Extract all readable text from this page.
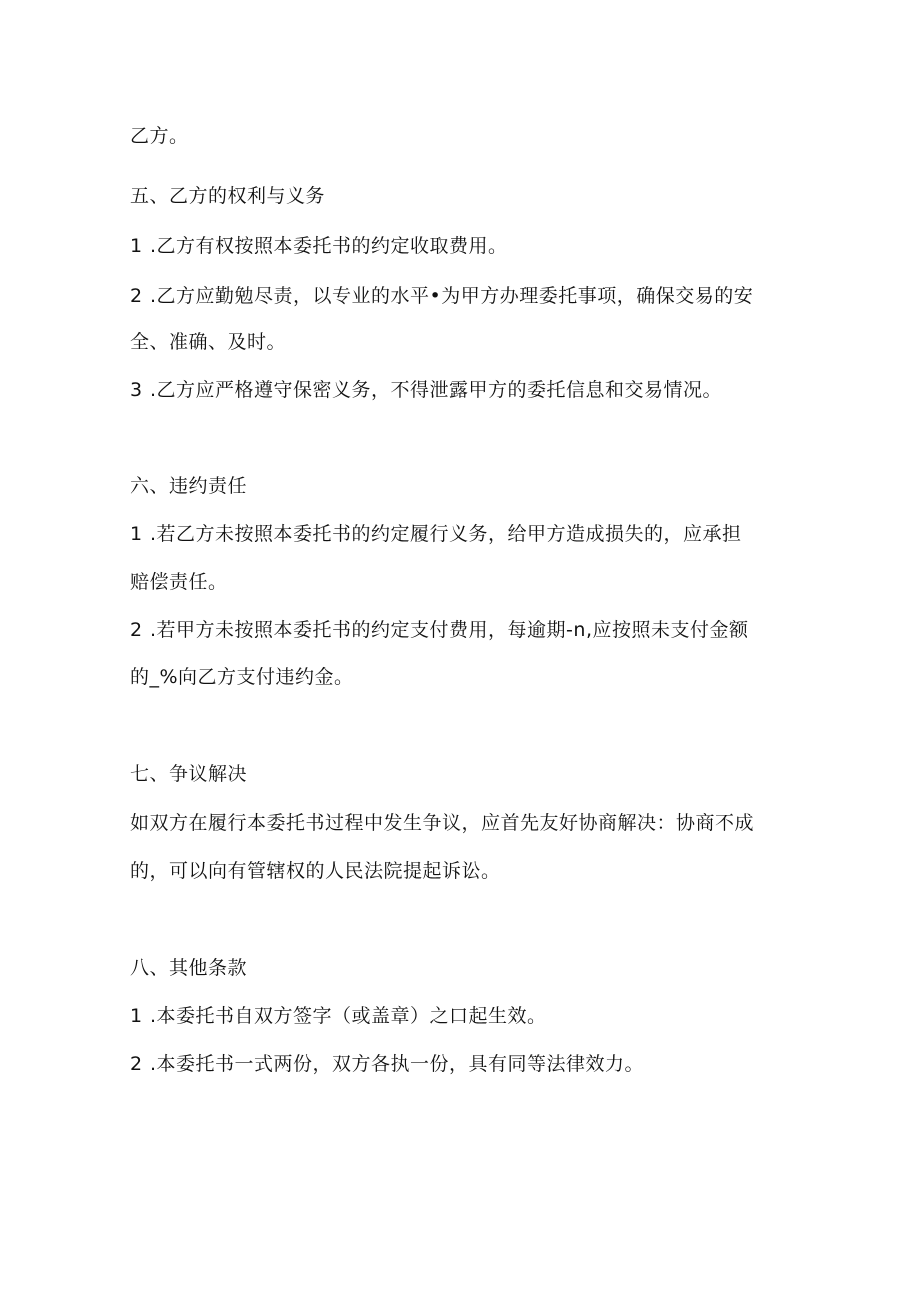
乙方。
五、乙方的权利与义务
1 .乙方有权按照本委托书的约定收取费用。
2 .乙方应勤勉尽责，以专业的水平•为甲方办理委托事项，确保交易的安
全、准确、及时。
3 .乙方应严格遵守保密义务，不得泄露甲方的委托信息和交易情况。
六、违约责任
1 .若乙方未按照本委托书的约定履行义务，给甲方造成损失的，应承担
赔偿责任。
2 .若甲方未按照本委托书的约定支付费用，每逾期-n,应按照未支付金额
的_%向乙方支付违约金。
七、争议解决
如双方在履行本委托书过程中发生争议，应首先友好协商解决：协商不成
的，可以向有管辖权的人民法院提起诉讼。
八、其他条款
1 .本委托书自双方签字（或盖章）之口起生效。
2 .本委托书一式两份，双方各执一份，具有同等法律效力。
